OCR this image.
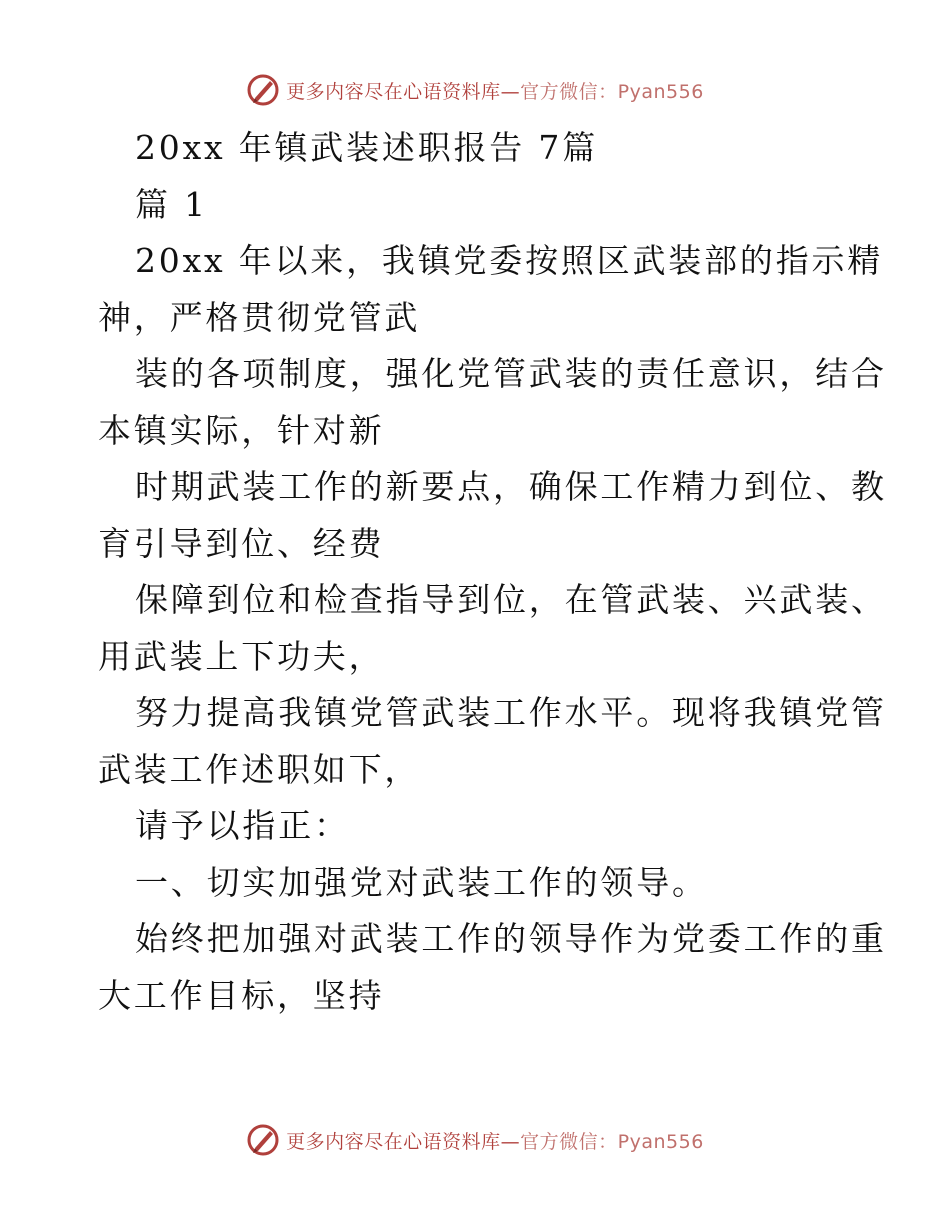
更多内容尽在心语资料库—官方微信：Pyan556
20xx 年镇武装述职报告 7篇
篇 1
20xx 年以来，我镇党委按照区武装部的指示精
神，严格贯彻党管武
装的各项制度，强化党管武装的责任意识，结合
本镇实际，针对新
时期武装工作的新要点，确保工作精力到位、教
育引导到位、经费
保障到位和检查指导到位，在管武装、兴武装、
用武装上下功夫，
努力提高我镇党管武装工作水平。现将我镇党管
武装工作述职如下，
请予以指正：
一、切实加强党对武装工作的领导。
始终把加强对武装工作的领导作为党委工作的重
大工作目标，坚持
更多内容尽在心语资料库—官方微信：Pyan556
